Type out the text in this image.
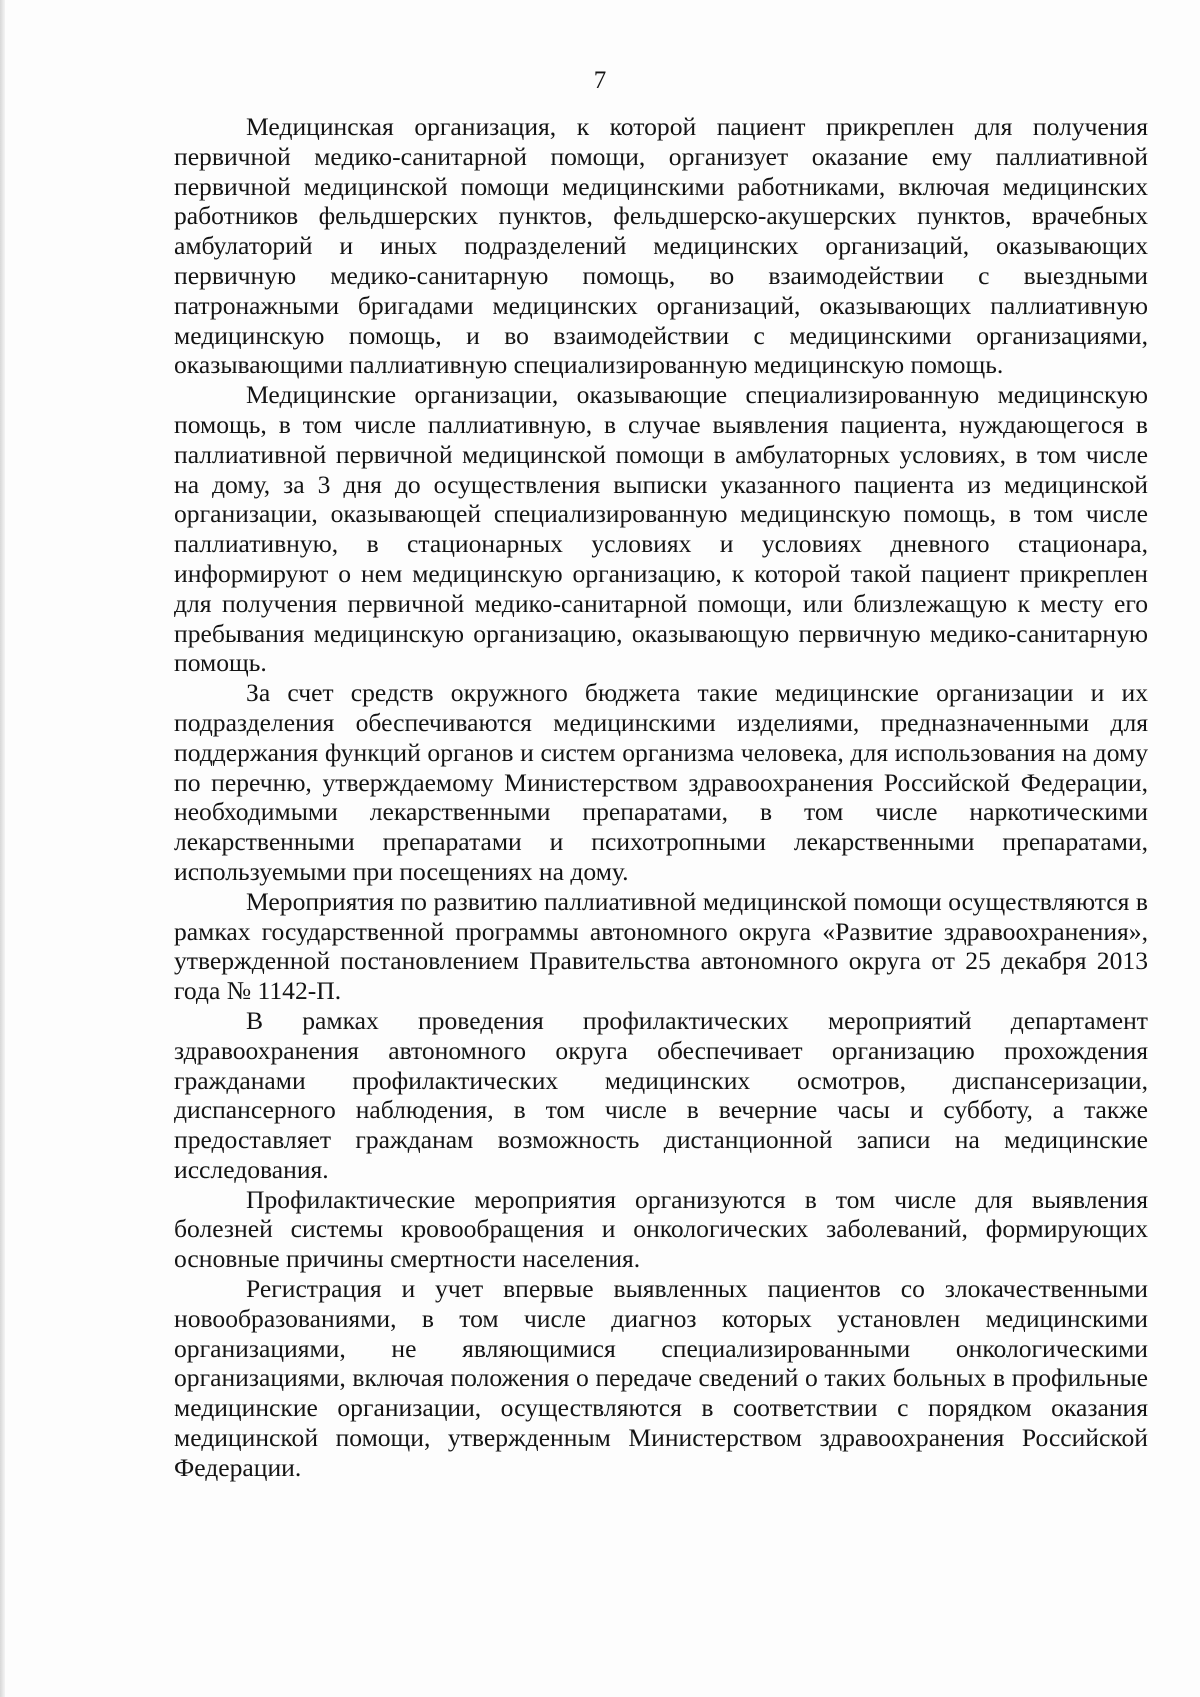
7

Медицинская организация, к которой пациент прикреплен для получения первичной медико-санитарной помощи, организует оказание ему паллиативной первичной медицинской помощи медицинскими работниками, включая медицинских работников фельдшерских пунктов, фельдшерско-акушерских пунктов, врачебных амбулаторий и иных подразделений медицинских организаций, оказывающих первичную медико-санитарную помощь, во взаимодействии с выездными патронажными бригадами медицинских организаций, оказывающих паллиативную медицинскую помощь, и во взаимодействии с медицинскими организациями, оказывающими паллиативную специализированную медицинскую помощь.

Медицинские организации, оказывающие специализированную медицинскую помощь, в том числе паллиативную, в случае выявления пациента, нуждающегося в паллиативной первичной медицинской помощи в амбулаторных условиях, в том числе на дому, за 3 дня до осуществления выписки указанного пациента из медицинской организации, оказывающей специализированную медицинскую помощь, в том числе паллиативную, в стационарных условиях и условиях дневного стационара, информируют о нем медицинскую организацию, к которой такой пациент прикреплен для получения первичной медико-санитарной помощи, или близлежащую к месту его пребывания медицинскую организацию, оказывающую первичную медико-санитарную помощь.

За счет средств окружного бюджета такие медицинские организации и их подразделения обеспечиваются медицинскими изделиями, предназначенными для поддержания функций органов и систем организма человека, для использования на дому по перечню, утверждаемому Министерством здравоохранения Российской Федерации, необходимыми лекарственными препаратами, в том числе наркотическими лекарственными препаратами и психотропными лекарственными препаратами, используемыми при посещениях на дому.

Мероприятия по развитию паллиативной медицинской помощи осуществляются в рамках государственной программы автономного округа «Развитие здравоохранения», утвержденной постановлением Правительства автономного округа от 25 декабря 2013 года № 1142-П.

В рамках проведения профилактических мероприятий департамент здравоохранения автономного округа обеспечивает организацию прохождения гражданами профилактических медицинских осмотров, диспансеризации, диспансерного наблюдения, в том числе в вечерние часы и субботу, а также предоставляет гражданам возможность дистанционной записи на медицинские исследования.

Профилактические мероприятия организуются в том числе для выявления болезней системы кровообращения и онкологических заболеваний, формирующих основные причины смертности населения.

Регистрация и учет впервые выявленных пациентов со злокачественными новообразованиями, в том числе диагноз которых установлен медицинскими организациями, не являющимися специализированными онкологическими организациями, включая положения о передаче сведений о таких больных в профильные медицинские организации, осуществляются в соответствии с порядком оказания медицинской помощи, утвержденным Министерством здравоохранения Российской Федерации.
